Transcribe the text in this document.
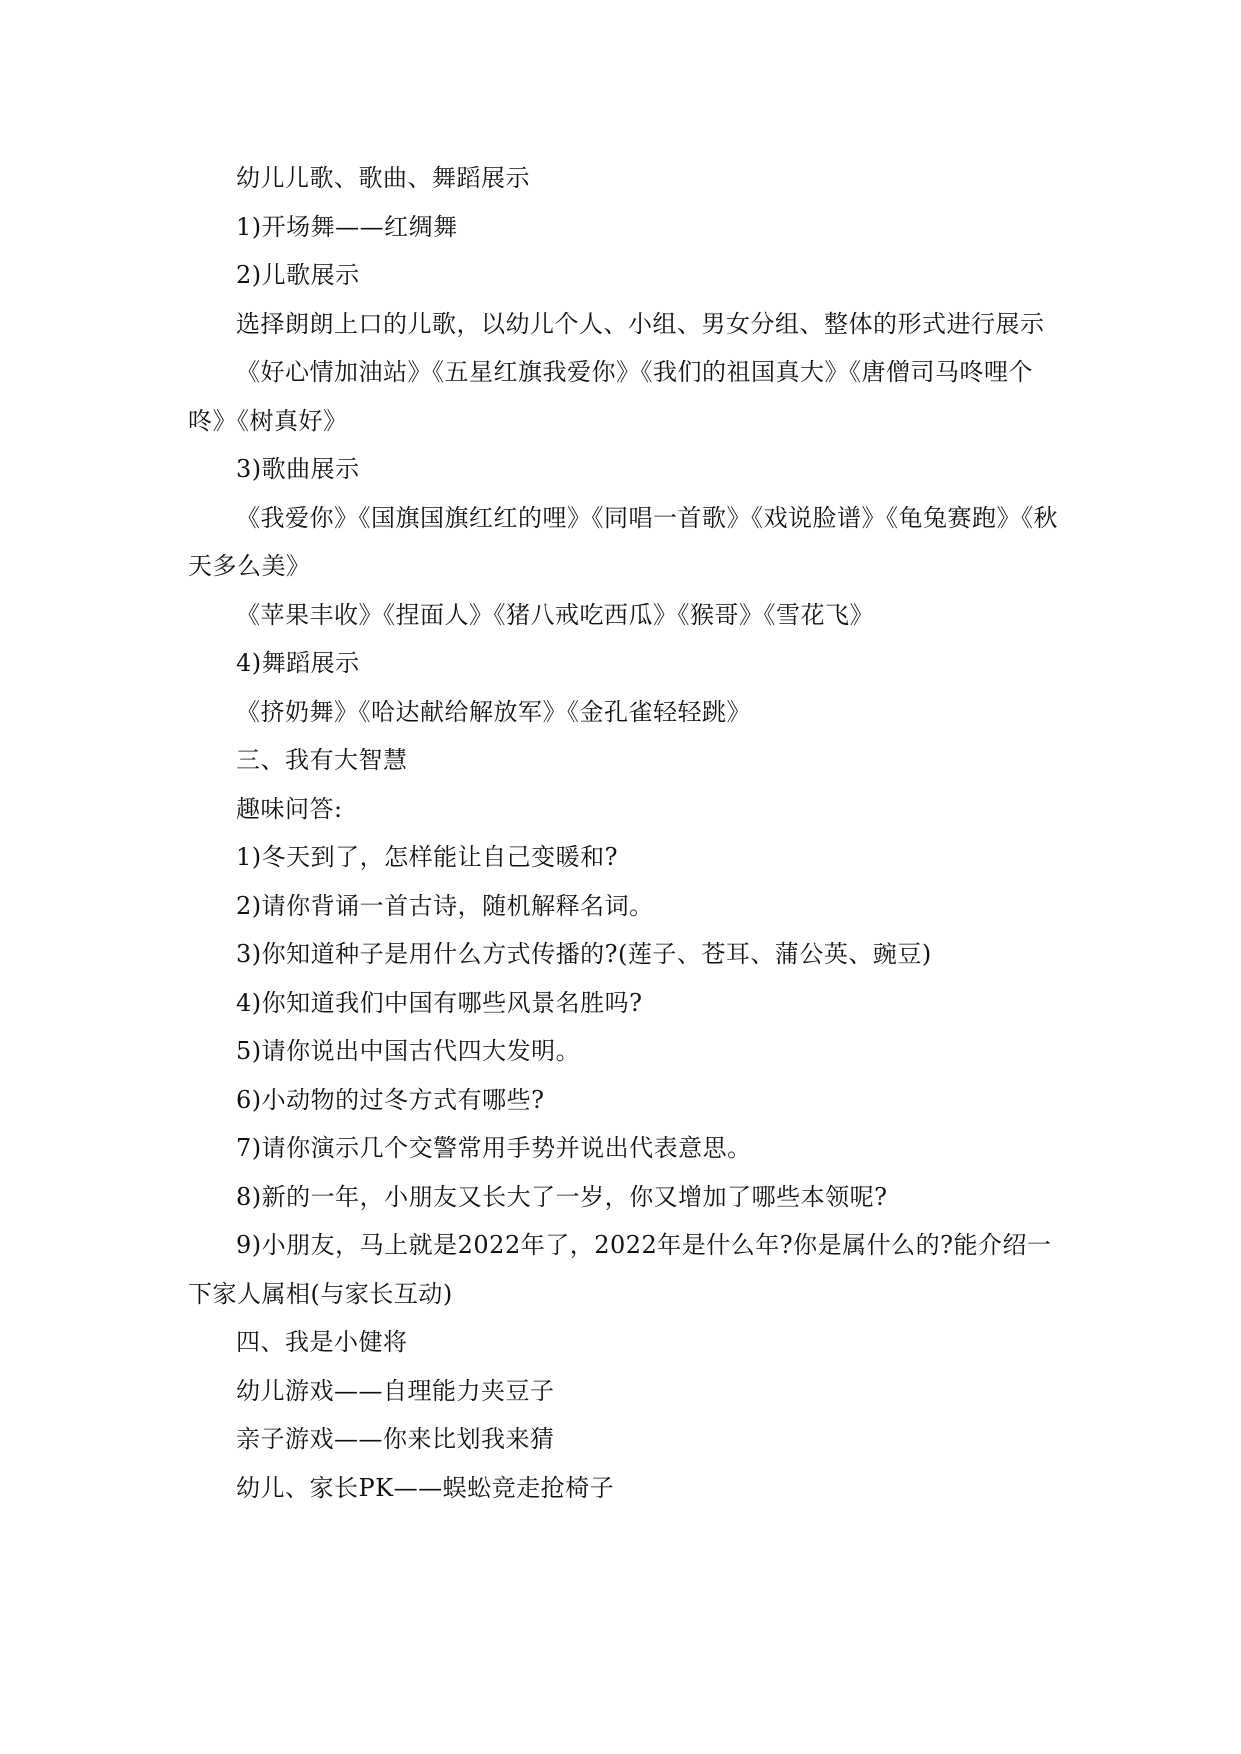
幼儿儿歌、歌曲、舞蹈展示

1)开场舞——红绸舞

2)儿歌展示

选择朗朗上口的儿歌，以幼儿个人、小组、男女分组、整体的形式进行展示

《好心情加油站》《五星红旗我爱你》《我们的祖国真大》《唐僧司马咚哩个咚》《树真好》

3)歌曲展示

《我爱你》《国旗国旗红红的哩》《同唱一首歌》《戏说脸谱》《龟兔赛跑》《秋天多么美》

《苹果丰收》《捏面人》《猪八戒吃西瓜》《猴哥》《雪花飞》

4)舞蹈展示

《挤奶舞》《哈达献给解放军》《金孔雀轻轻跳》

三、我有大智慧

趣味问答:

1)冬天到了，怎样能让自己变暖和?

2)请你背诵一首古诗，随机解释名词。

3)你知道种子是用什么方式传播的?(莲子、苍耳、蒲公英、豌豆)

4)你知道我们中国有哪些风景名胜吗?

5)请你说出中国古代四大发明。

6)小动物的过冬方式有哪些?

7)请你演示几个交警常用手势并说出代表意思。

8)新的一年，小朋友又长大了一岁，你又增加了哪些本领呢?

9)小朋友，马上就是2022年了，2022年是什么年?你是属什么的?能介绍一下家人属相(与家长互动)

四、我是小健将

幼儿游戏——自理能力夹豆子

亲子游戏——你来比划我来猜

幼儿、家长PK——蜈蚣竞走抢椅子
